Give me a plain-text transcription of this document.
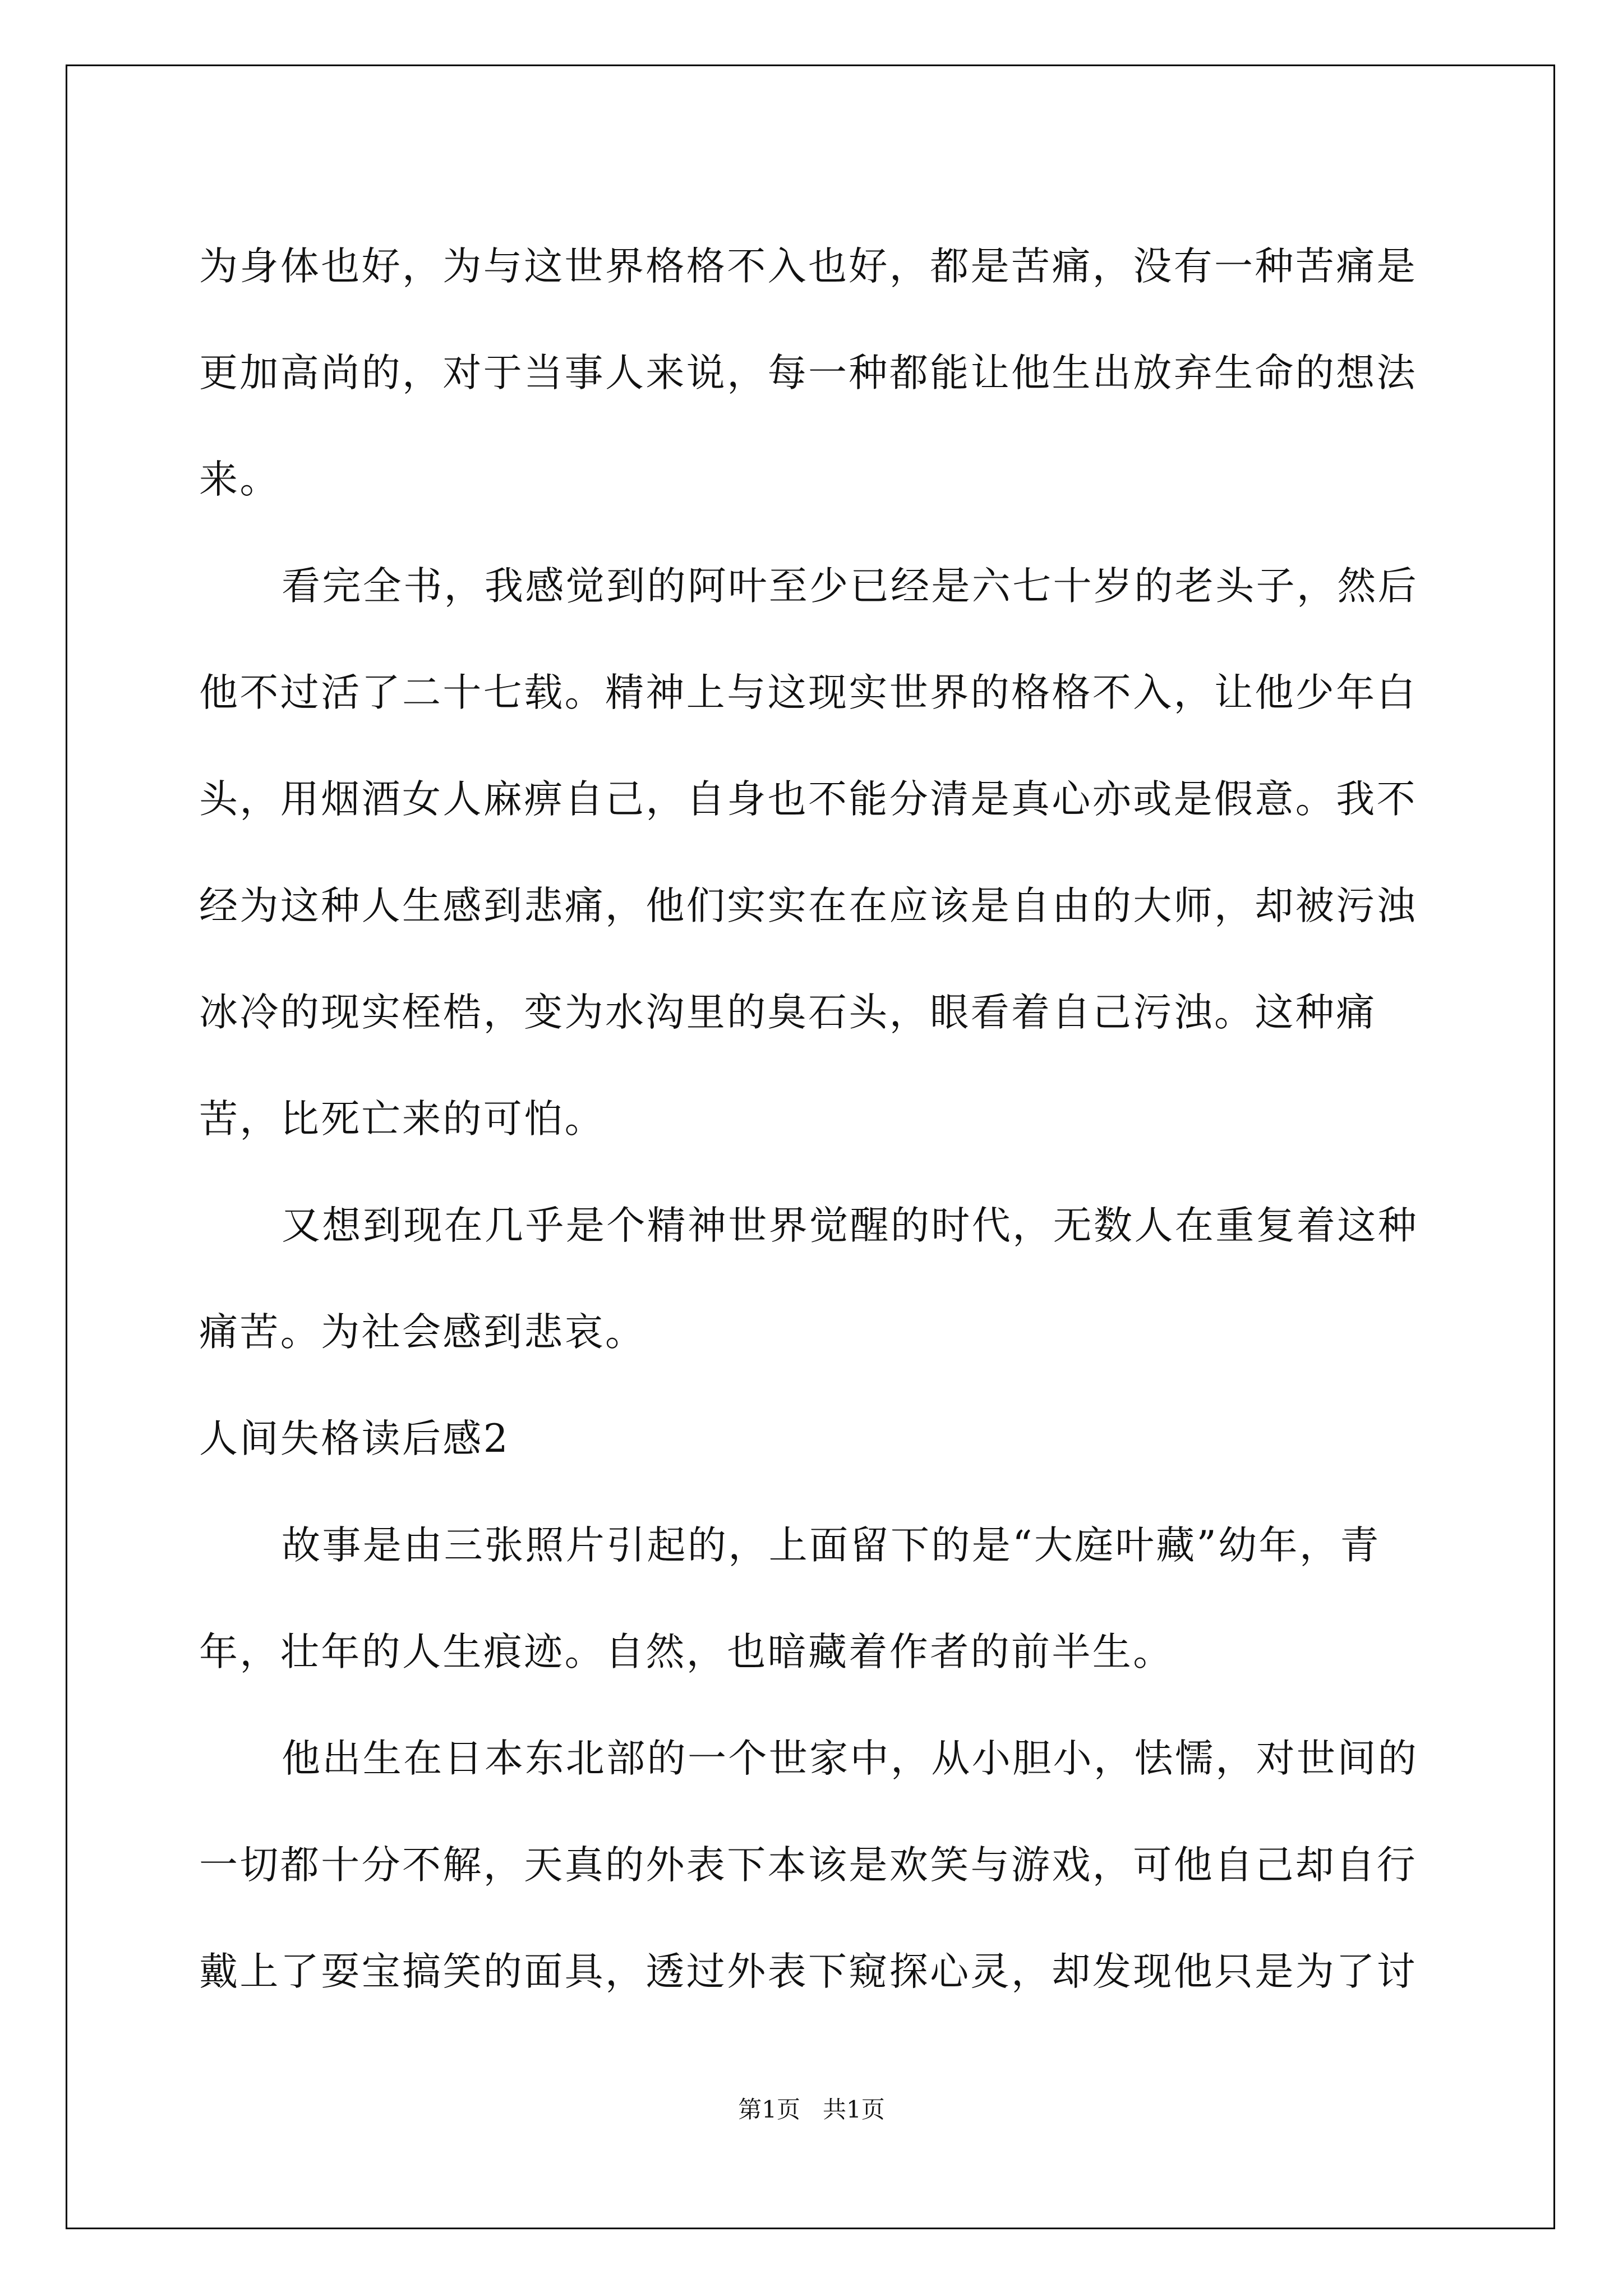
为身体也好，为与这世界格格不入也好，都是苦痛，没有一种苦痛是更加高尚的，对于当事人来说，每一种都能让他生出放弃生命的想法来。

看完全书，我感觉到的阿叶至少已经是六七十岁的老头子，然后他不过活了二十七载。精神上与这现实世界的格格不入，让他少年白头，用烟酒女人麻痹自己，自身也不能分清是真心亦或是假意。我不经为这种人生感到悲痛，他们实实在在应该是自由的大师，却被污浊冰冷的现实桎梏，变为水沟里的臭石头，眼看着自己污浊。这种痛苦，比死亡来的可怕。

又想到现在几乎是个精神世界觉醒的时代，无数人在重复着这种痛苦。为社会感到悲哀。

人间失格读后感2

故事是由三张照片引起的，上面留下的是“大庭叶藏”幼年，青年，壮年的人生痕迹。自然，也暗藏着作者的前半生。

他出生在日本东北部的一个世家中，从小胆小，怯懦，对世间的一切都十分不解，天真的外表下本该是欢笑与游戏，可他自己却自行戴上了耍宝搞笑的面具，透过外表下窥探心灵，却发现他只是为了讨

第1页 共1页
